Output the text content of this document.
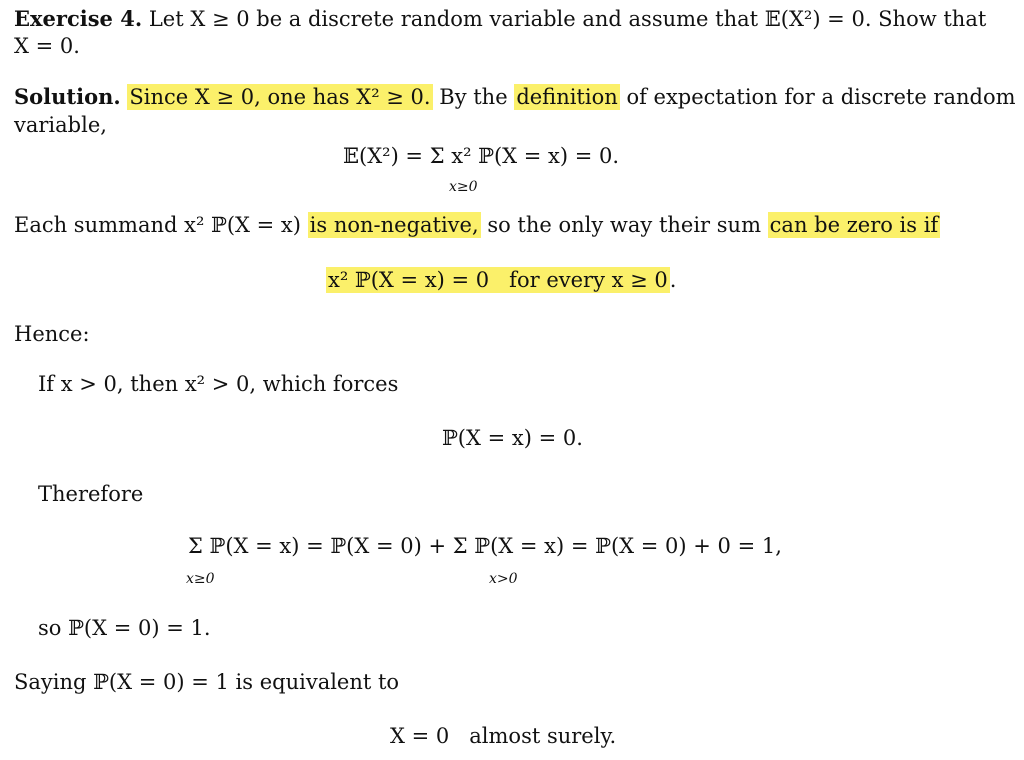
Exercise 4. Let X ≥ 0 be a discrete random variable and assume that 𝔼(X²) = 0. Show that
X = 0.
Solution. Since X ≥ 0, one has X² ≥ 0. By the definition of expectation for a discrete random
variable,
𝔼(X²) = Σ x² ℙ(X = x) = 0.
x≥0
Each summand x² ℙ(X = x) is non-negative, so the only way their sum can be zero is if
x² ℙ(X = x) = 0   for every x ≥ 0.
Hence:
If x > 0, then x² > 0, which forces
ℙ(X = x) = 0.
Therefore
Σ ℙ(X = x) = ℙ(X = 0) + Σ ℙ(X = x) = ℙ(X = 0) + 0 = 1,
x≥0	x>0
so ℙ(X = 0) = 1.
Saying ℙ(X = 0) = 1 is equivalent to
X = 0   almost surely.
